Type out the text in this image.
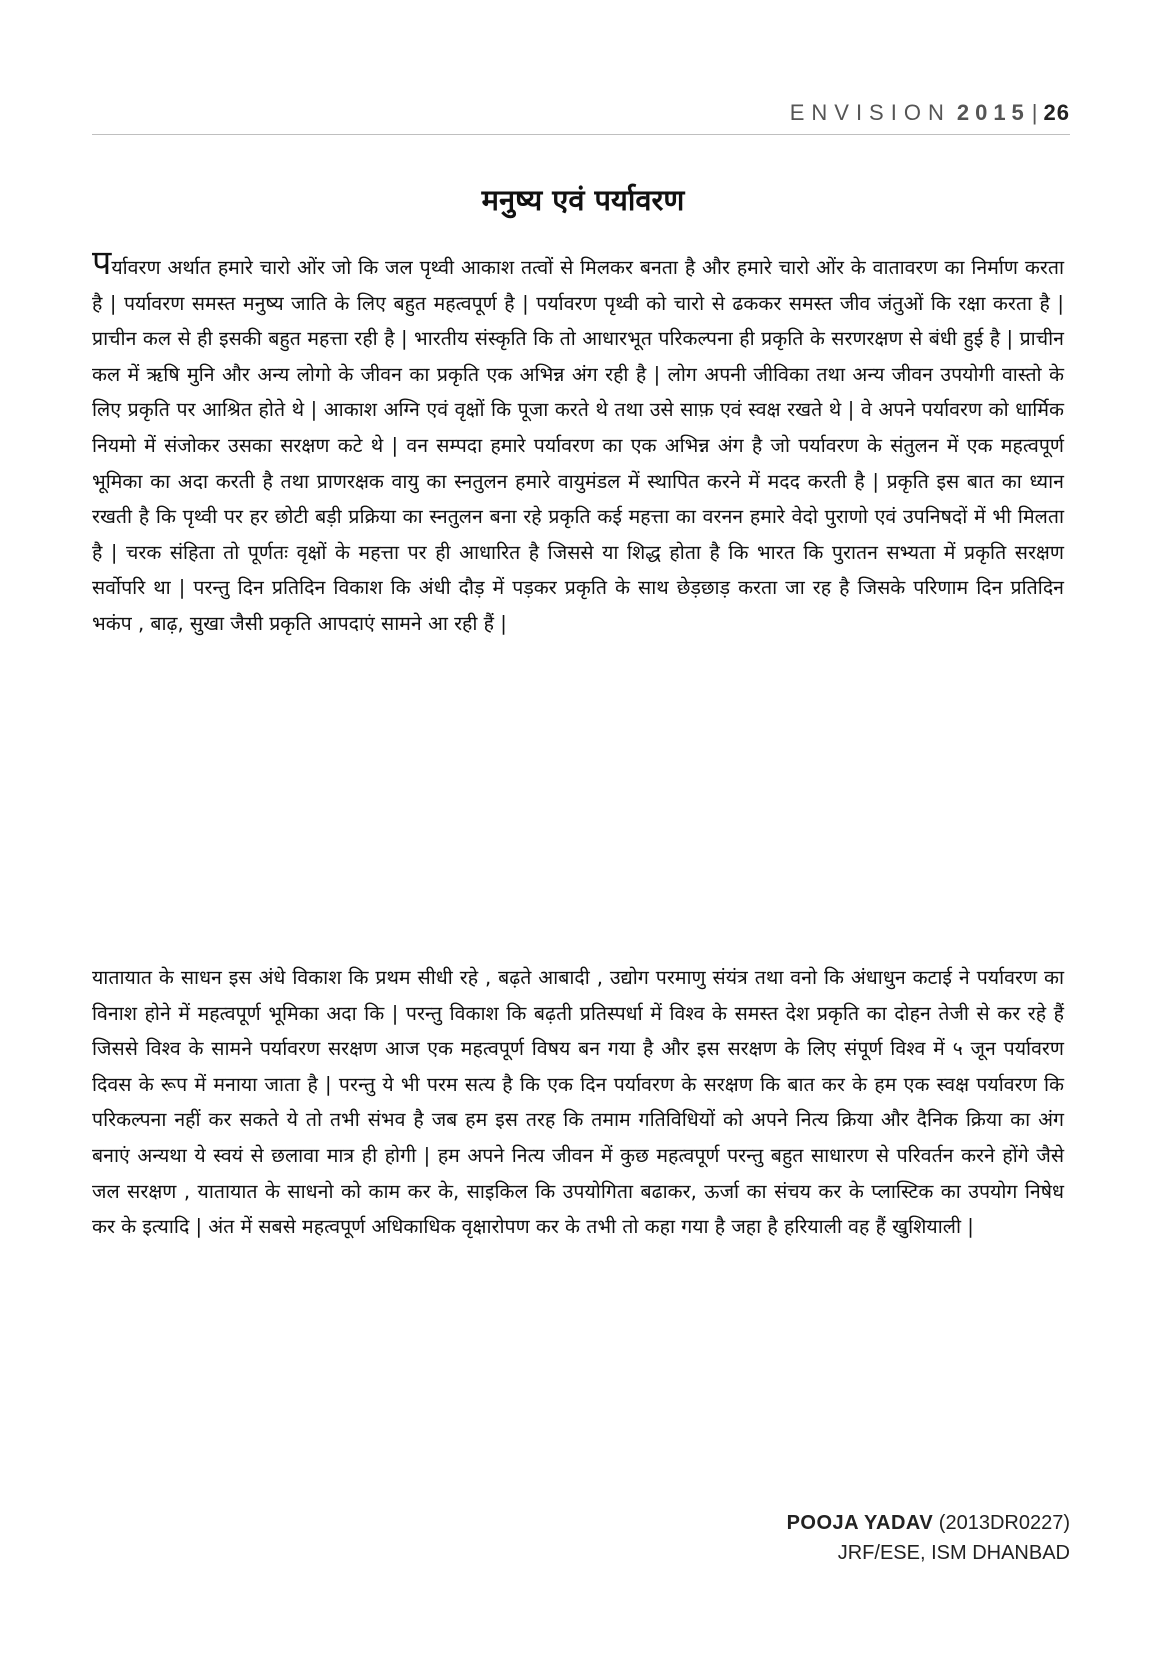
ENVISION 2015| 26
मनुष्य एवं पर्यावरण

पर्यावरण अर्थात हमारे चारो ओंर जो कि जल पृथ्वी आकाश तत्वों से मिलकर बनता है और हमारे चारो ओंर के वातावरण का निर्माण करता है | पर्यावरण समस्त मनुष्य जाति के लिए बहुत महत्वपूर्ण है | पर्यावरण पृथ्वी को चारो से ढककर समस्त जीव जंतुओं कि रक्षा करता है | प्राचीन कल से ही इसकी बहुत महत्ता रही है | भारतीय संस्कृति कि तो आधारभूत परिकल्पना ही प्रकृति के सरणरक्षण से बंधी हुई है | प्राचीन कल में ऋषि मुनि और अन्य लोगो के जीवन का प्रकृति एक अभिन्न अंग रही है | लोग अपनी जीविका तथा अन्य जीवन उपयोगी वास्तो के लिए प्रकृति पर आश्रित होते थे | आकाश अग्नि एवं वृक्षों कि पूजा करते थे तथा उसे साफ़ एवं स्वक्ष रखते थे | वे अपने पर्यावरण को धार्मिक नियमो में संजोकर उसका सरक्षण कटे थे | वन सम्पदा हमारे पर्यावरण का एक अभिन्न अंग है जो पर्यावरण के संतुलन में एक महत्वपूर्ण भूमिका का अदा करती है तथा प्राणरक्षक वायु का स्नतुलन हमारे वायुमंडल में स्थापित करने में मदद करती है | प्रकृति इस बात का ध्यान रखती है कि पृथ्वी पर हर छोटी बड़ी प्रक्रिया का स्नतुलन बना रहे प्रकृति कई महत्ता का वरनन हमारे वेदो पुराणो एवं उपनिषदों में भी मिलता है | चरक संहिता तो पूर्णतः वृक्षों के महत्ता पर ही आधारित है जिससे या शिद्ध होता है कि भारत कि पुरातन सभ्यता में प्रकृति सरक्षण सर्वोपरि था | परन्तु दिन प्रतिदिन विकाश कि अंधी दौड़ में पड़कर प्रकृति के साथ छेड़छाड़ करता जा रह है जिसके परिणाम दिन प्रतिदिन भकंप , बाढ़, सुखा जैसी प्रकृति आपदाएं सामने आ रही हैं |

यातायात के साधन इस अंधे विकाश कि प्रथम सीधी रहे , बढ़ते आबादी , उद्योग परमाणु संयंत्र तथा वनो कि अंधाधुन कटाई ने पर्यावरण का विनाश होने में महत्वपूर्ण भूमिका अदा कि | परन्तु विकाश कि बढ़ती प्रतिस्पर्धा में विश्व के समस्त देश प्रकृति का दोहन तेजी से कर रहे हैं जिससे विश्व के सामने पर्यावरण सरक्षण आज एक महत्वपूर्ण विषय बन गया है और इस सरक्षण के लिए संपूर्ण विश्व में ५ जून पर्यावरण दिवस के रूप में मनाया जाता है | परन्तु ये भी परम सत्य है कि एक दिन पर्यावरण के सरक्षण कि बात कर के हम एक स्वक्ष पर्यावरण कि परिकल्पना नहीं कर सकते ये तो तभी संभव है जब हम इस तरह कि तमाम गतिविधियों को अपने नित्य क्रिया और दैनिक क्रिया का अंग बनाएं अन्यथा ये स्वयं से छलावा मात्र ही होगी | हम अपने नित्य जीवन में कुछ महत्वपूर्ण परन्तु बहुत साधारण से परिवर्तन करने होंगे जैसे जल सरक्षण , यातायात के साधनो को काम कर के, साइकिल कि उपयोगिता बढाकर, ऊर्जा का संचय कर के प्लास्टिक का उपयोग निषेध कर के इत्यादि | अंत में सबसे महत्वपूर्ण अधिकाधिक वृक्षारोपण कर के तभी तो कहा गया है जहा है हरियाली वह हैं खुशियाली |

POOJA YADAV (2013DR0227)
JRF/ESE, ISM DHANBAD
